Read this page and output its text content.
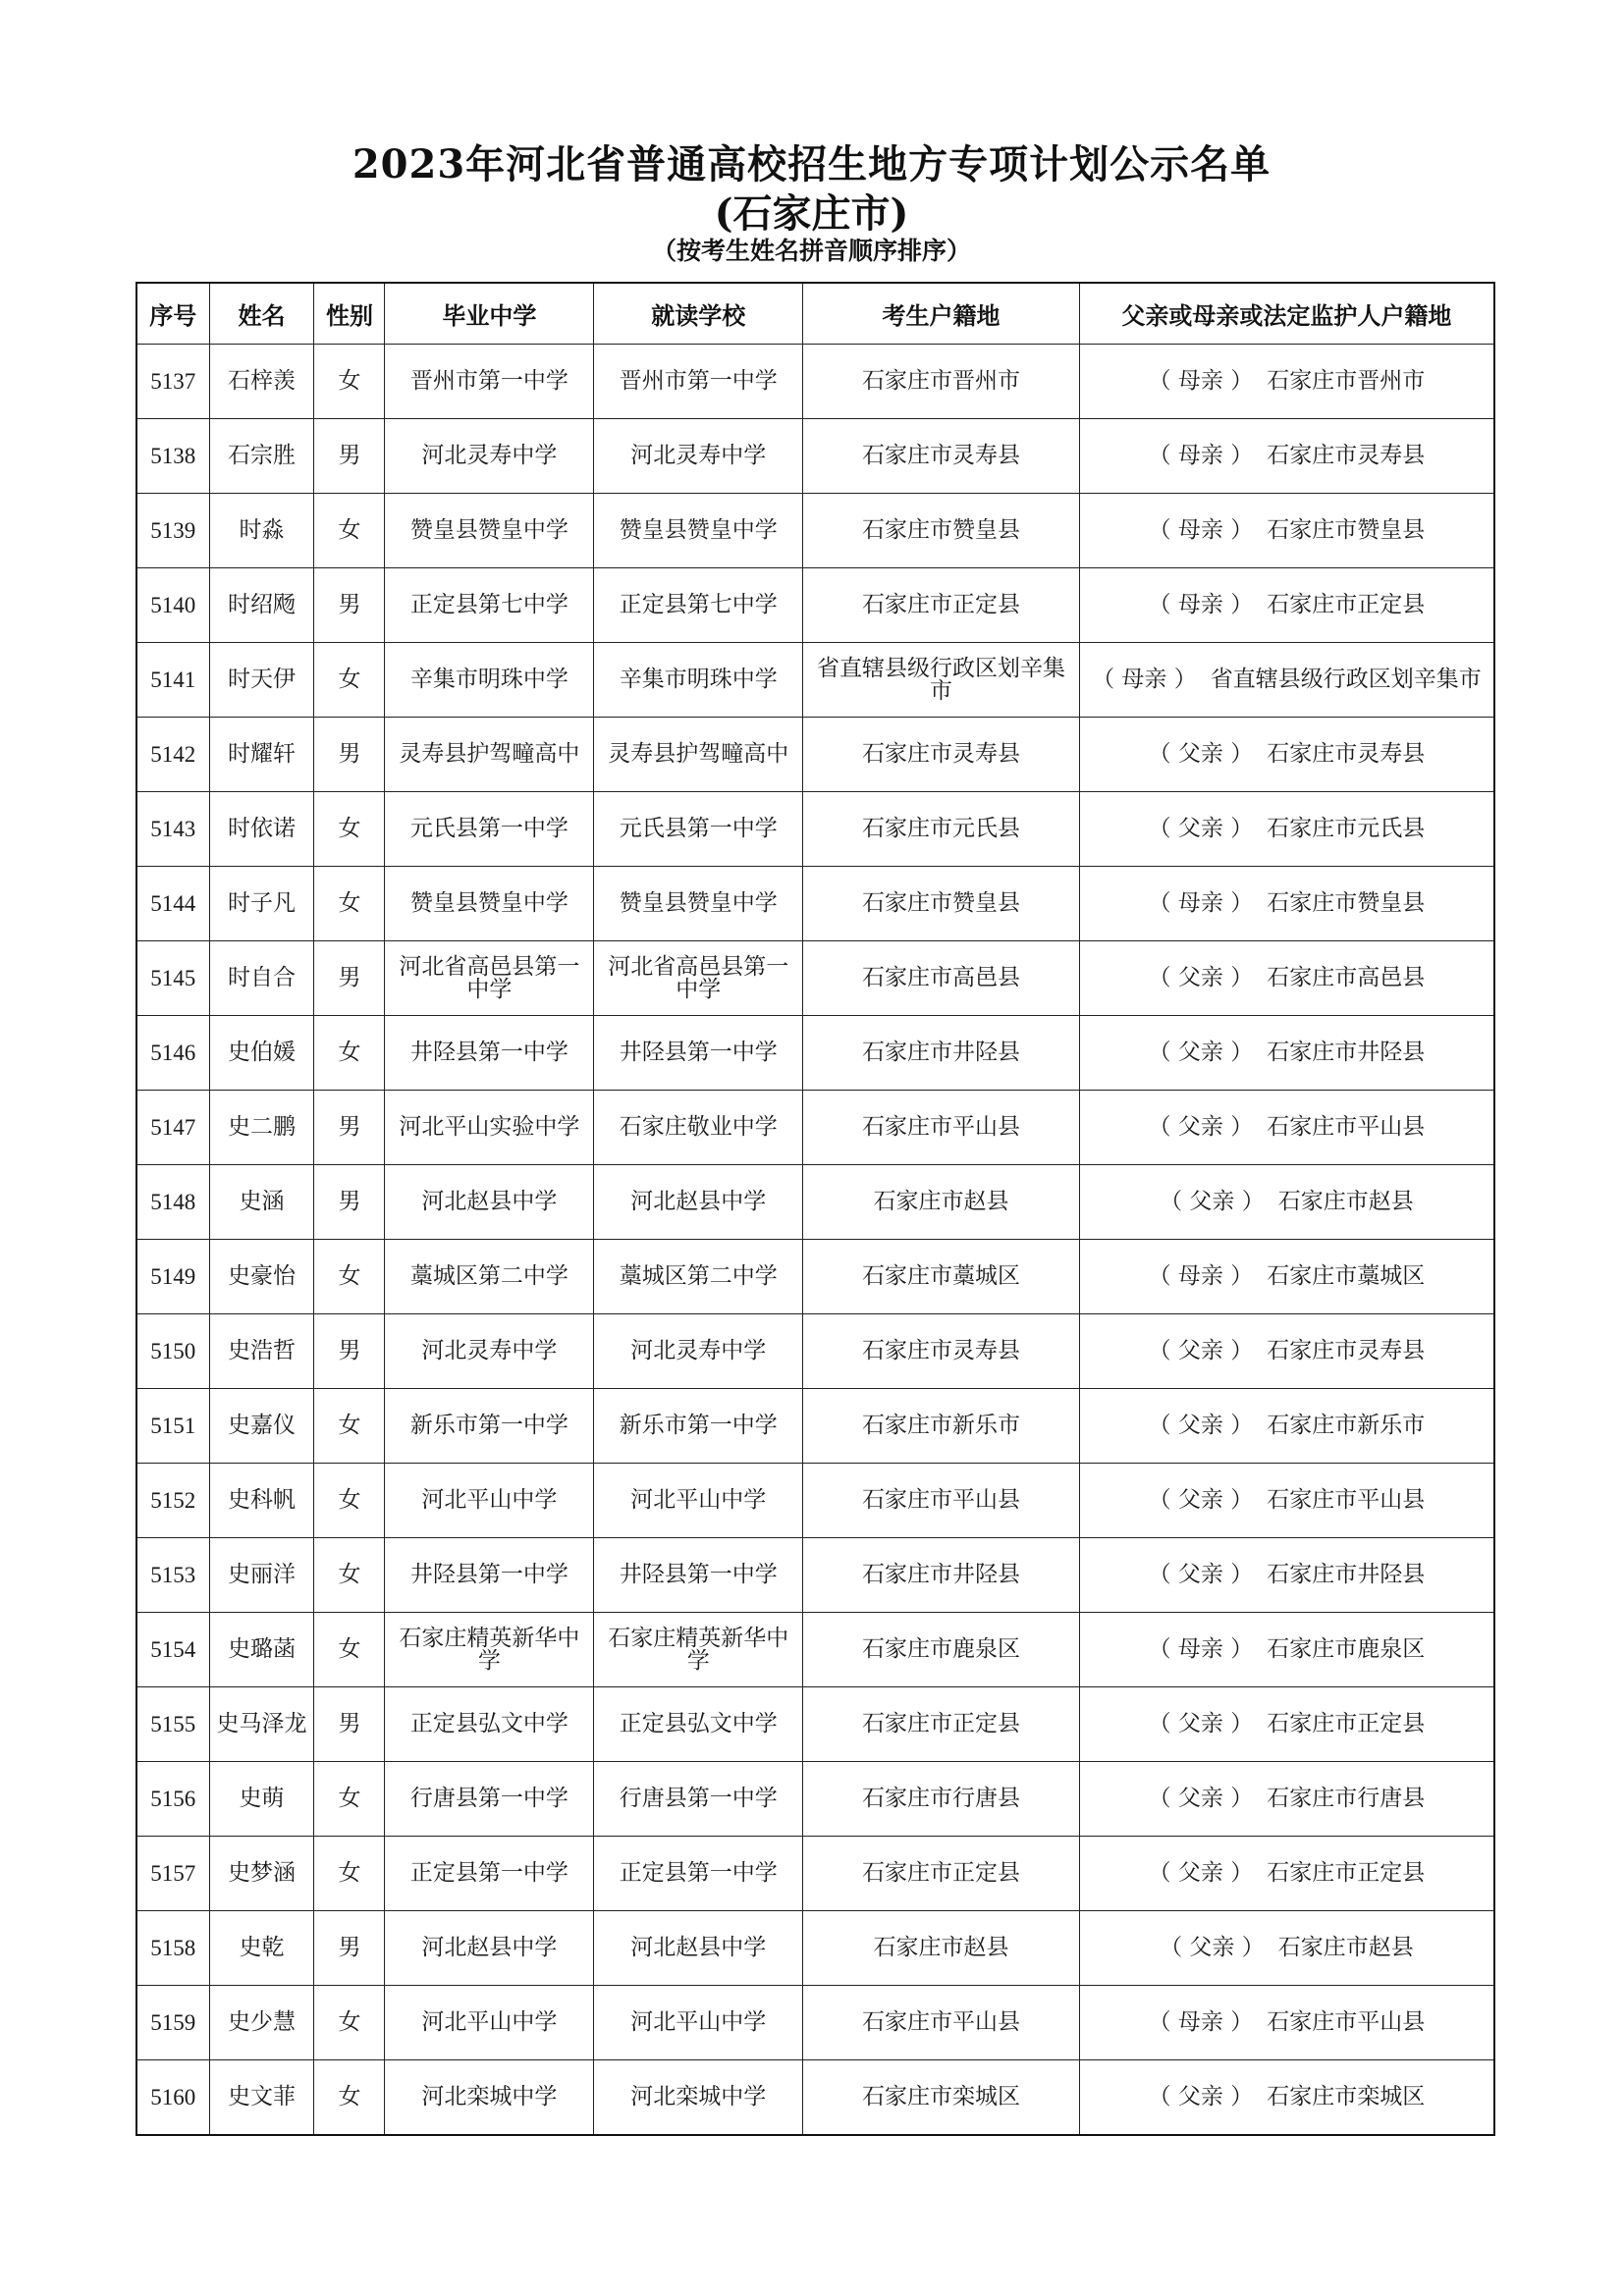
2023年河北省普通高校招生地方专项计划公示名单
(石家庄市)
（按考生姓名拼音顺序排序）
序号	姓名	性别	毕业中学	就读学校	考生户籍地	父亲或母亲或法定监护人户籍地
5137	石梓羡	女	晋州市第一中学	晋州市第一中学	石家庄市晋州市	（ 母亲 ） 石家庄市晋州市
5138	石宗胜	男	河北灵寿中学	河北灵寿中学	石家庄市灵寿县	（ 母亲 ） 石家庄市灵寿县
5139	时淼	女	赞皇县赞皇中学	赞皇县赞皇中学	石家庄市赞皇县	（ 母亲 ） 石家庄市赞皇县
5140	时绍飏	男	正定县第七中学	正定县第七中学	石家庄市正定县	（ 母亲 ） 石家庄市正定县
5141	时天伊	女	辛集市明珠中学	辛集市明珠中学	省直辖县级行政区划辛集市	（ 母亲 ） 省直辖县级行政区划辛集市
5142	时耀轩	男	灵寿县护驾疃高中	灵寿县护驾疃高中	石家庄市灵寿县	（ 父亲 ） 石家庄市灵寿县
5143	时依诺	女	元氏县第一中学	元氏县第一中学	石家庄市元氏县	（ 父亲 ） 石家庄市元氏县
5144	时子凡	女	赞皇县赞皇中学	赞皇县赞皇中学	石家庄市赞皇县	（ 母亲 ） 石家庄市赞皇县
5145	时自合	男	河北省高邑县第一中学	河北省高邑县第一中学	石家庄市高邑县	（ 父亲 ） 石家庄市高邑县
5146	史伯媛	女	井陉县第一中学	井陉县第一中学	石家庄市井陉县	（ 父亲 ） 石家庄市井陉县
5147	史二鹏	男	河北平山实验中学	石家庄敬业中学	石家庄市平山县	（ 父亲 ） 石家庄市平山县
5148	史涵	男	河北赵县中学	河北赵县中学	石家庄市赵县	（ 父亲 ） 石家庄市赵县
5149	史豪怡	女	藁城区第二中学	藁城区第二中学	石家庄市藁城区	（ 母亲 ） 石家庄市藁城区
5150	史浩哲	男	河北灵寿中学	河北灵寿中学	石家庄市灵寿县	（ 父亲 ） 石家庄市灵寿县
5151	史嘉仪	女	新乐市第一中学	新乐市第一中学	石家庄市新乐市	（ 父亲 ） 石家庄市新乐市
5152	史科帆	女	河北平山中学	河北平山中学	石家庄市平山县	（ 父亲 ） 石家庄市平山县
5153	史丽洋	女	井陉县第一中学	井陉县第一中学	石家庄市井陉县	（ 父亲 ） 石家庄市井陉县
5154	史璐菡	女	石家庄精英新华中学	石家庄精英新华中学	石家庄市鹿泉区	（ 母亲 ） 石家庄市鹿泉区
5155	史马泽龙	男	正定县弘文中学	正定县弘文中学	石家庄市正定县	（ 父亲 ） 石家庄市正定县
5156	史萌	女	行唐县第一中学	行唐县第一中学	石家庄市行唐县	（ 父亲 ） 石家庄市行唐县
5157	史梦涵	女	正定县第一中学	正定县第一中学	石家庄市正定县	（ 父亲 ） 石家庄市正定县
5158	史乾	男	河北赵县中学	河北赵县中学	石家庄市赵县	（ 父亲 ） 石家庄市赵县
5159	史少慧	女	河北平山中学	河北平山中学	石家庄市平山县	（ 母亲 ） 石家庄市平山县
5160	史文菲	女	河北栾城中学	河北栾城中学	石家庄市栾城区	（ 父亲 ） 石家庄市栾城区
